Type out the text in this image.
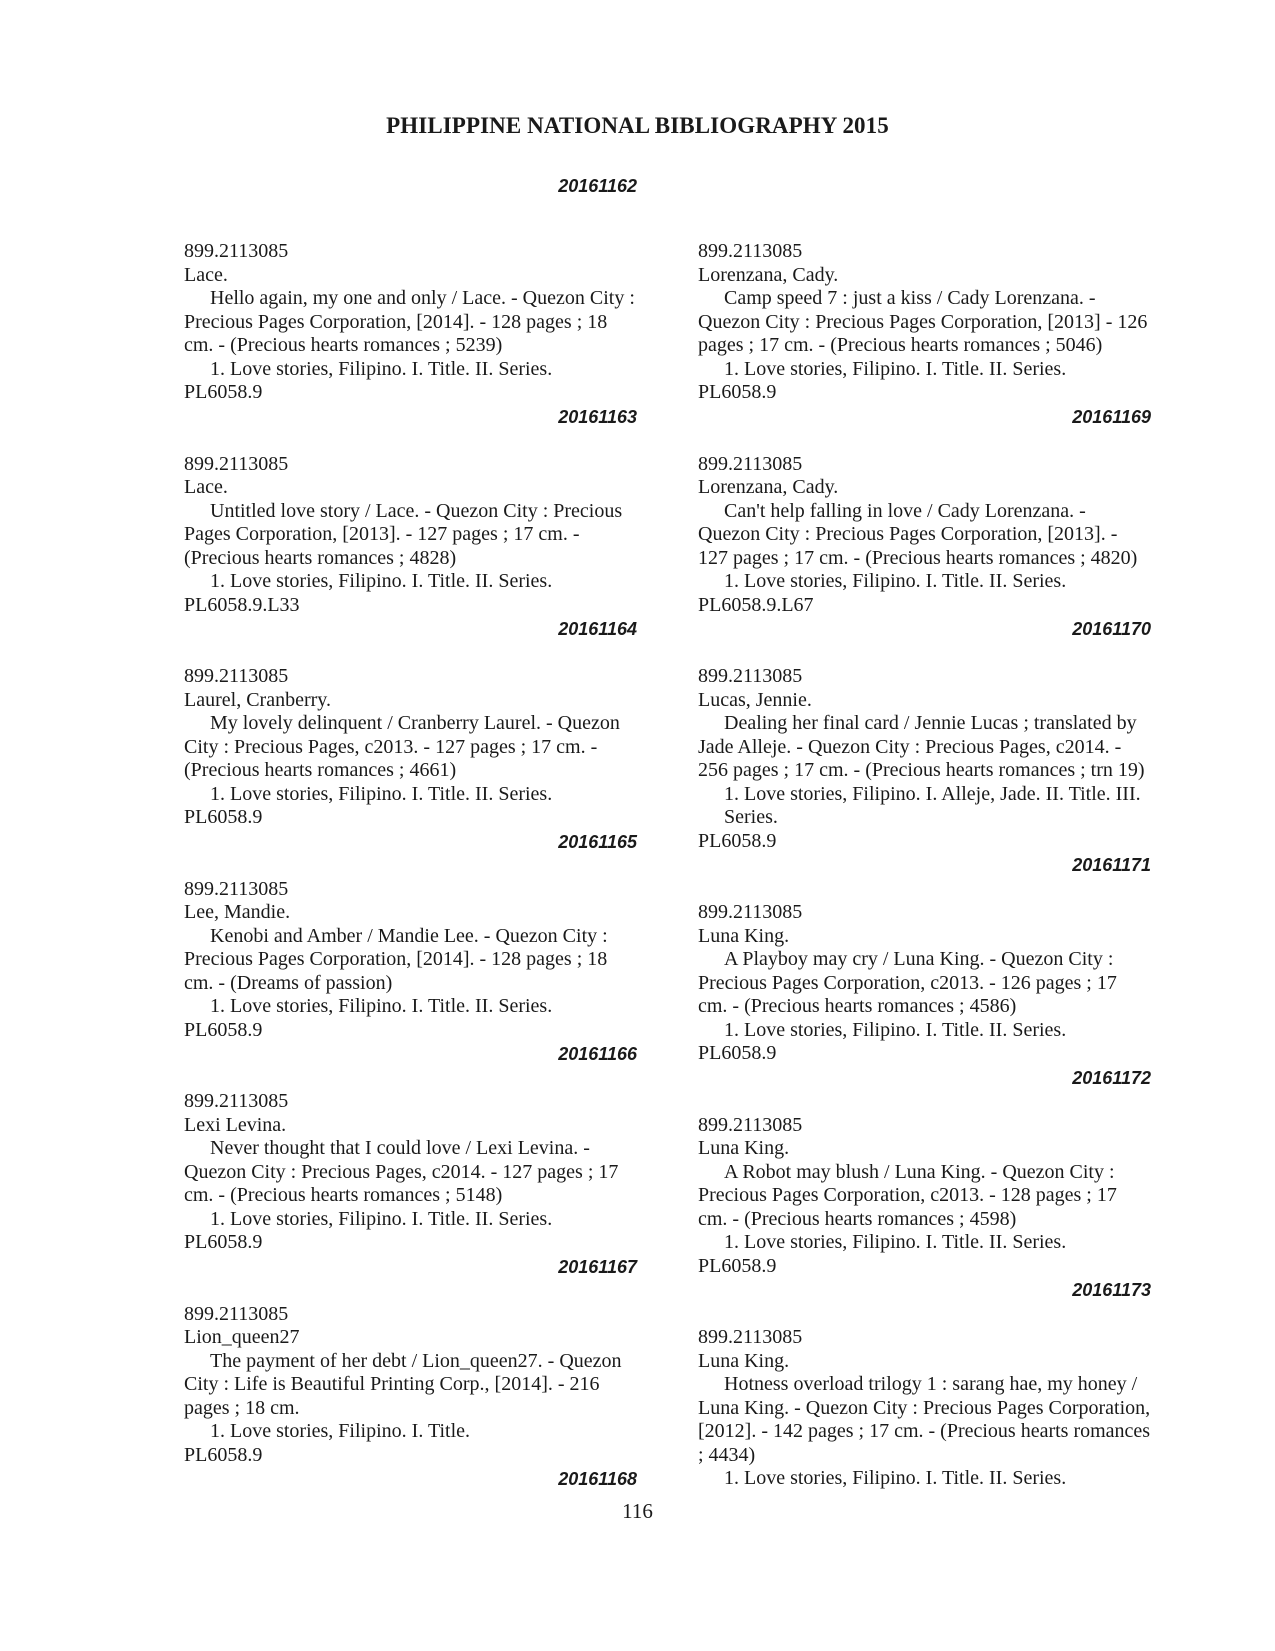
PHILIPPINE NATIONAL BIBLIOGRAPHY 2015
20161162
899.2113085
Lace.
Hello again, my one and only / Lace. - Quezon City : Precious Pages Corporation, [2014]. - 128 pages ; 18 cm. - (Precious hearts romances ; 5239)
1. Love stories, Filipino. I. Title. II. Series.
PL6058.9
20161163
899.2113085
Lace.
Untitled love story / Lace. - Quezon City : Precious Pages Corporation, [2013]. - 127 pages ; 17 cm. - (Precious hearts romances ; 4828)
1. Love stories, Filipino. I. Title. II. Series.
PL6058.9.L33
20161164
899.2113085
Laurel, Cranberry.
My lovely delinquent / Cranberry Laurel. - Quezon City : Precious Pages, c2013. - 127 pages ; 17 cm. - (Precious hearts romances ; 4661)
1. Love stories, Filipino. I. Title. II. Series.
PL6058.9
20161165
899.2113085
Lee, Mandie.
Kenobi and Amber / Mandie Lee. - Quezon City : Precious Pages Corporation, [2014]. - 128 pages ; 18 cm. - (Dreams of passion)
1. Love stories, Filipino. I. Title. II. Series.
PL6058.9
20161166
899.2113085
Lexi Levina.
Never thought that I could love / Lexi Levina. - Quezon City : Precious Pages, c2014. - 127 pages ; 17 cm. - (Precious hearts romances ; 5148)
1. Love stories, Filipino. I. Title. II. Series.
PL6058.9
20161167
899.2113085
Lion_queen27
The payment of her debt / Lion_queen27. - Quezon City : Life is Beautiful Printing Corp., [2014]. - 216 pages ; 18 cm.
1. Love stories, Filipino. I. Title.
PL6058.9
20161168
899.2113085
Lorenzana, Cady.
Camp speed 7 : just a kiss / Cady Lorenzana. - Quezon City : Precious Pages Corporation, [2013] - 126 pages ; 17 cm. - (Precious hearts romances ; 5046)
1. Love stories, Filipino. I. Title. II. Series.
PL6058.9
20161169
899.2113085
Lorenzana, Cady.
Can't help falling in love / Cady Lorenzana. - Quezon City : Precious Pages Corporation, [2013]. - 127 pages ; 17 cm. - (Precious hearts romances ; 4820)
1. Love stories, Filipino. I. Title. II. Series.
PL6058.9.L67
20161170
899.2113085
Lucas, Jennie.
Dealing her final card / Jennie Lucas ; translated by Jade Alleje. - Quezon City : Precious Pages, c2014. - 256 pages ; 17 cm. - (Precious hearts romances ; trn 19)
1. Love stories, Filipino. I. Alleje, Jade. II. Title. III. Series.
PL6058.9
20161171
899.2113085
Luna King.
A Playboy may cry / Luna King. - Quezon City : Precious Pages Corporation, c2013. - 126 pages ; 17 cm. - (Precious hearts romances ; 4586)
1. Love stories, Filipino. I. Title. II. Series.
PL6058.9
20161172
899.2113085
Luna King.
A Robot may blush / Luna King. - Quezon City : Precious Pages Corporation, c2013. - 128 pages ; 17 cm. - (Precious hearts romances ; 4598)
1. Love stories, Filipino. I. Title. II. Series.
PL6058.9
20161173
899.2113085
Luna King.
Hotness overload trilogy 1 : sarang hae, my honey / Luna King. - Quezon City : Precious Pages Corporation, [2012]. - 142 pages ; 17 cm. - (Precious hearts romances ; 4434)
1. Love stories, Filipino. I. Title. II. Series.
116
